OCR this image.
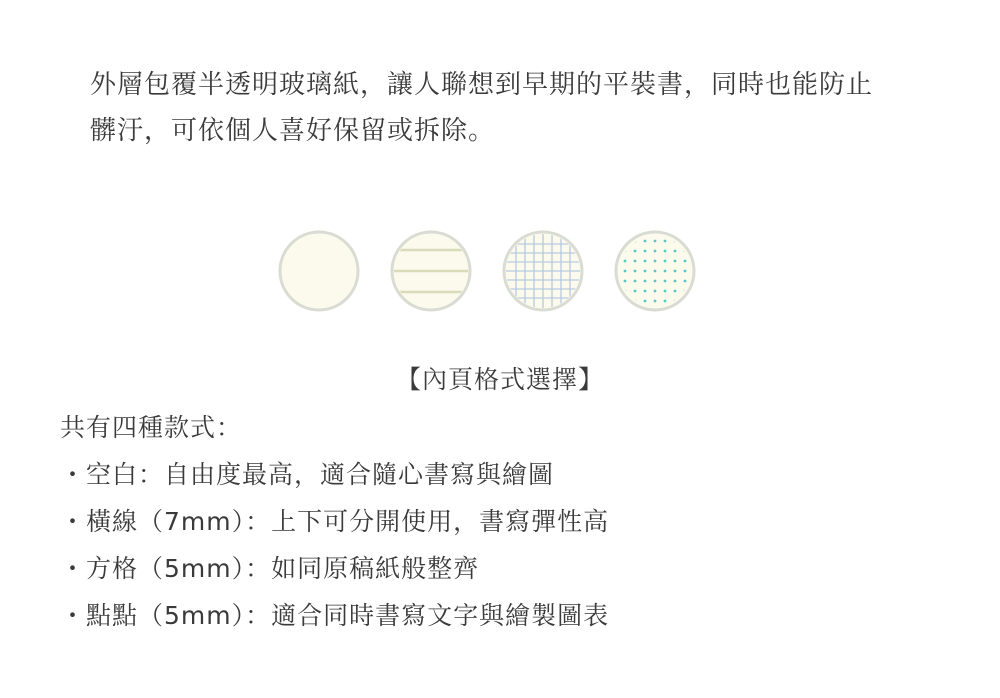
外層包覆半透明玻璃紙，讓人聯想到早期的平裝書，同時也能防止

髒汙，可依個人喜好保留或拆除。

【內頁格式選擇】

共有四種款式：

・空白：自由度最高，適合隨心書寫與繪圖
・橫線（7mm）：上下可分開使用，書寫彈性高
・方格（5mm）：如同原稿紙般整齊
・點點（5mm）：適合同時書寫文字與繪製圖表
